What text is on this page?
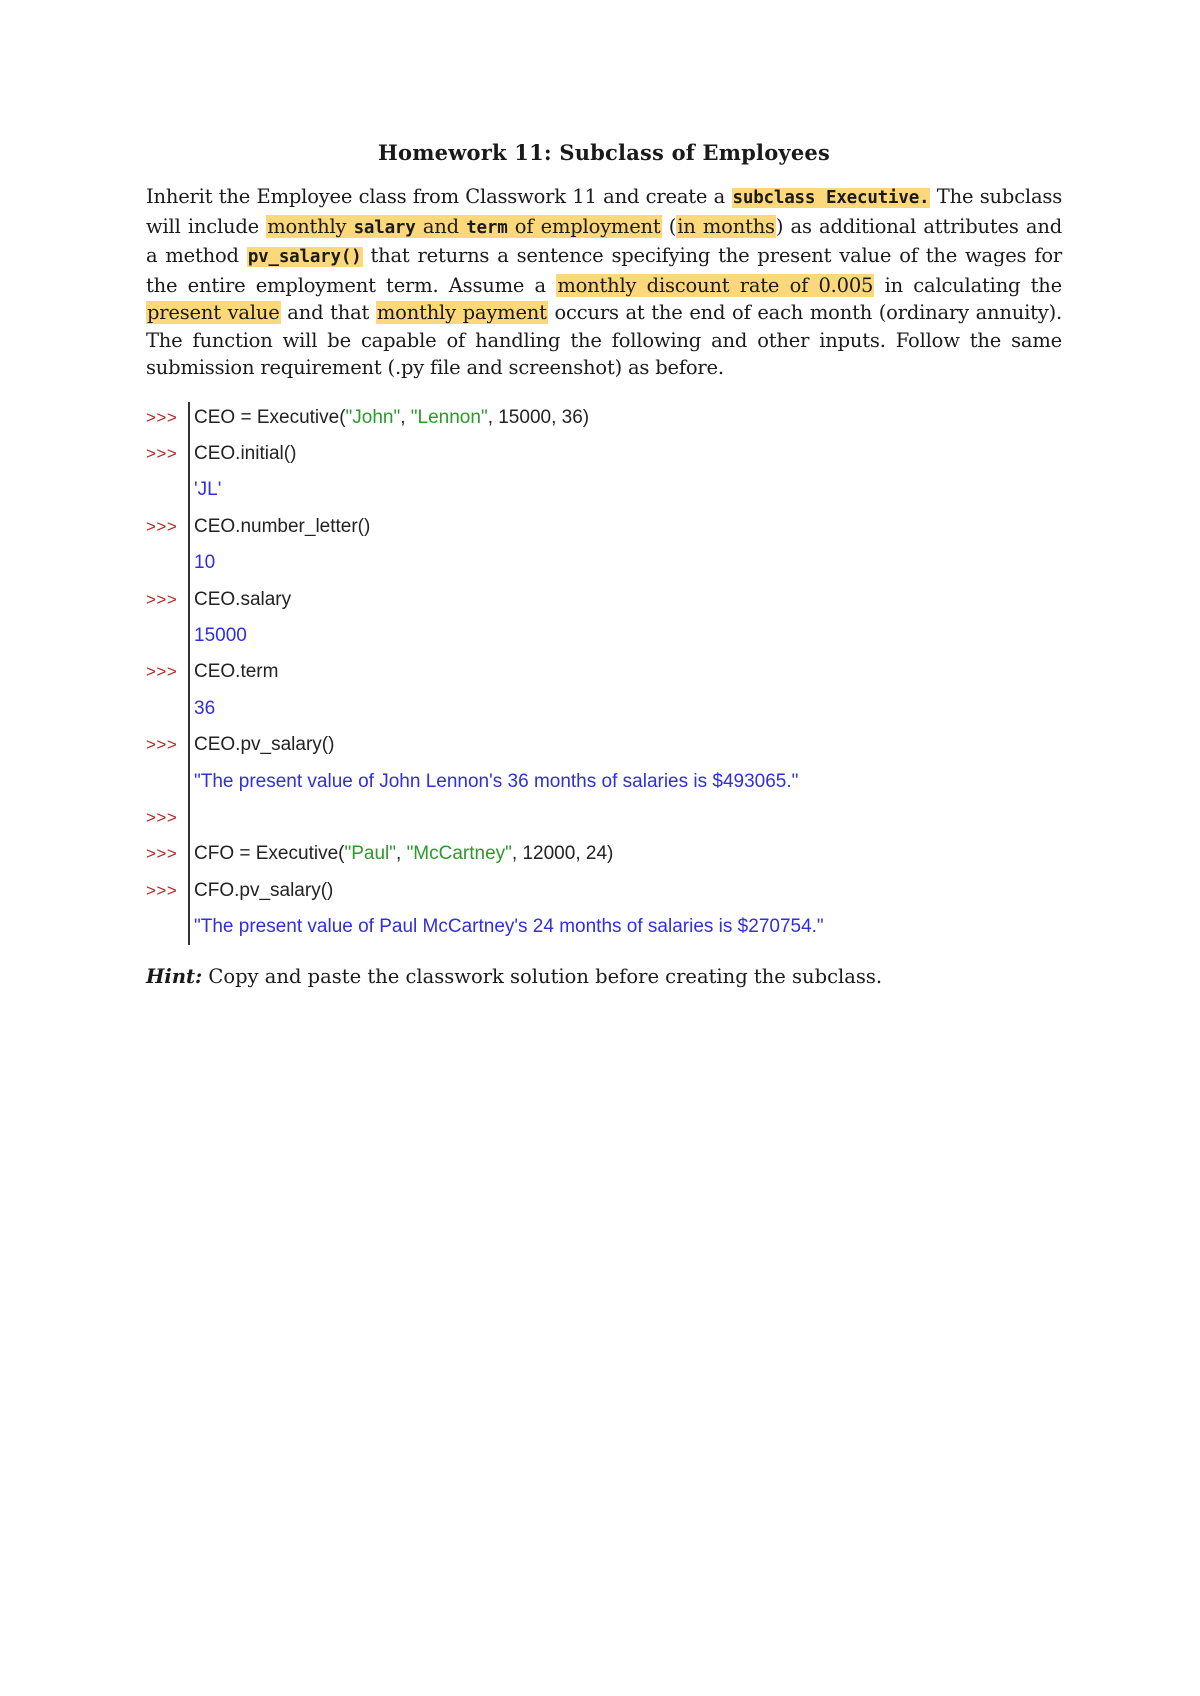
Homework 11: Subclass of Employees

Inherit the Employee class from Classwork 11 and create a subclass Executive. The subclass will include monthly salary and term of employment (in months) as additional attributes and a method pv_salary() that returns a sentence specifying the present value of the wages for the entire employment term. Assume a monthly discount rate of 0.005 in calculating the present value and that monthly payment occurs at the end of each month (ordinary annuity). The function will be capable of handling the following and other inputs. Follow the same submission requirement (.py file and screenshot) as before.

>>> CEO = Executive("John", "Lennon", 15000, 36)
>>> CEO.initial()
'JL'
>>> CEO.number_letter()
10
>>> CEO.salary
15000
>>> CEO.term
36
>>> CEO.pv_salary()
"The present value of John Lennon's 36 months of salaries is $493065."
>>>
>>> CFO = Executive("Paul", "McCartney", 12000, 24)
>>> CFO.pv_salary()
"The present value of Paul McCartney's 24 months of salaries is $270754."

Hint: Copy and paste the classwork solution before creating the subclass.
